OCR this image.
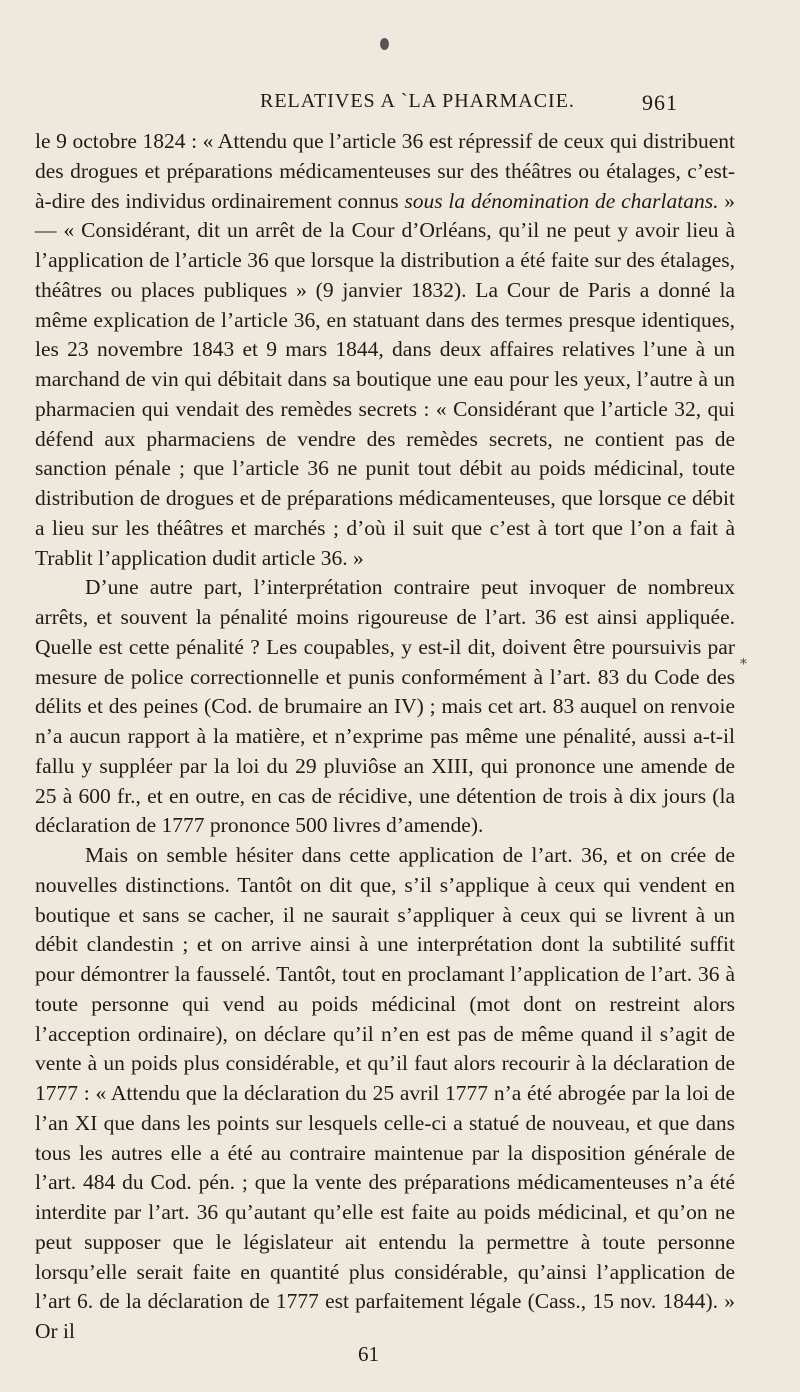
⁎
RELATIVES A ˋLA PHARMACIE.	961

le 9 octobre 1824 : « Attendu que l’article 36 est répressif de ceux qui distribuent des drogues et préparations médicamenteuses sur des théâtres ou étalages, c’est-à-dire des individus ordinairement connus sous la dénomination de charlatans. » — « Considérant, dit un arrêt de la Cour d’Orléans, qu’il ne peut y avoir lieu à l’application de l’article 36 que lorsque la distribution a été faite sur des étalages, théâtres ou places publiques » (9 janvier 1832). La Cour de Paris a donné la même explication de l’article 36, en statuant dans des termes presque identiques, les 23 novembre 1843 et 9 mars 1844, dans deux affaires relatives l’une à un marchand de vin qui débitait dans sa boutique une eau pour les yeux, l’autre à un pharmacien qui vendait des remèdes secrets : « Considérant que l’article 32, qui défend aux pharmaciens de vendre des remèdes secrets, ne contient pas de sanction pénale ; que l’article 36 ne punit tout débit au poids médicinal, toute distribution de drogues et de préparations médicamenteuses, que lorsque ce débit a lieu sur les théâtres et marchés ; d’où il suit que c’est à tort que l’on a fait à Trablit l’application dudit article 36. »

D’une autre part, l’interprétation contraire peut invoquer de nombreux arrêts, et souvent la pénalité moins rigoureuse de l’art. 36 est ainsi appliquée. Quelle est cette pénalité ? Les coupables, y est-il dit, doivent être poursuivis par mesure de police correctionnelle et punis conformément à l’art. 83 du Code des délits et des peines (Cod. de brumaire an IV) ; mais cet art. 83 auquel on renvoie n’a aucun rapport à la matière, et n’exprime pas même une pénalité, aussi a-t-il fallu y suppléer par la loi du 29 pluviôse an XIII, qui prononce une amende de 25 à 600 fr., et en outre, en cas de récidive, une détention de trois à dix jours (la déclaration de 1777 prononce 500 livres d’amende).

Mais on semble hésiter dans cette application de l’art. 36, et on crée de nouvelles distinctions. Tantôt on dit que, s’il s’applique à ceux qui vendent en boutique et sans se cacher, il ne saurait s’appliquer à ceux qui se livrent à un débit clandestin ; et on arrive ainsi à une interprétation dont la subtilité suffit pour démontrer la fausselé. Tantôt, tout en proclamant l’application de l’art. 36 à toute personne qui vend au poids médicinal (mot dont on restreint alors l’acception ordinaire), on déclare qu’il n’en est pas de même quand il s’agit de vente à un poids plus considérable, et qu’il faut alors recourir à la déclaration de 1777 : « Attendu que la déclaration du 25 avril 1777 n’a été abrogée par la loi de l’an XI que dans les points sur lesquels celle-ci a statué de nouveau, et que dans tous les autres elle a été au contraire maintenue par la disposition générale de l’art. 484 du Cod. pén. ; que la vente des préparations médicamenteuses n’a été interdite par l’art. 36 qu’autant qu’elle est faite au poids médicinal, et qu’on ne peut supposer que le législateur ait entendu la permettre à toute personne lorsqu’elle serait faite en quantité plus considérable, qu’ainsi l’application de l’art 6. de la déclaration de 1777 est parfaitement légale (Cass., 15 nov. 1844). » Or il

61
